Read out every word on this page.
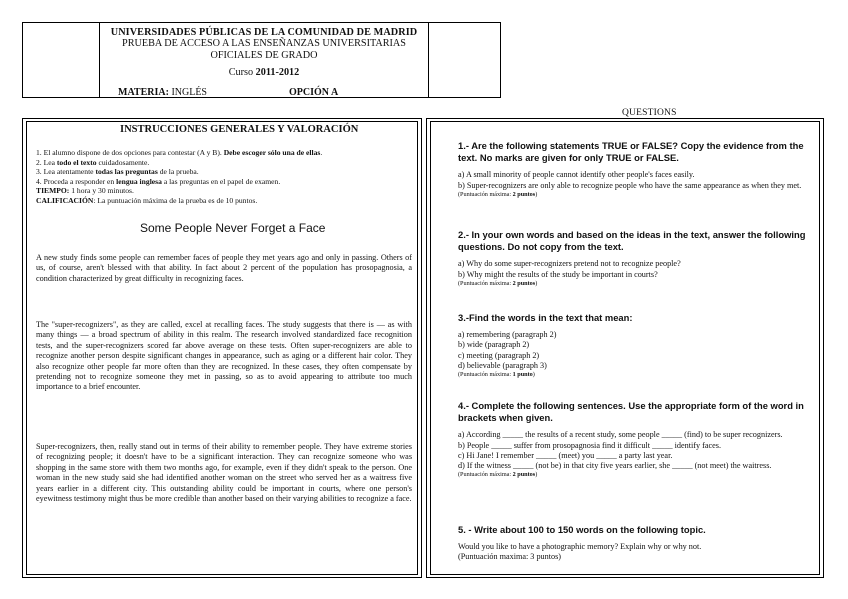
UNIVERSIDADES PÚBLICAS DE LA COMUNIDAD DE MADRID
PRUEBA DE ACCESO A LAS ENSEÑANZAS UNIVERSITARIAS
OFICIALES DE GRADO
Curso 2011-2012
MATERIA: INGLÉS	OPCIÓN A
QUESTIONS
INSTRUCCIONES GENERALES Y VALORACIÓN
1. El alumno dispone de dos opciones para contestar (A y B). Debe escoger sólo una de ellas.
2. Lea todo el texto cuidadosamente.
3. Lea atentamente todas las preguntas de la prueba.
4. Proceda a responder en lengua inglesa a las preguntas en el papel de examen.
TIEMPO: 1 hora y 30 minutos.
CALIFICACIÓN: La puntuación máxima de la prueba es de 10 puntos.
Some People Never Forget a Face
A new study finds some people can remember faces of people they met years ago and only in passing. Others of us, of course, aren't blessed with that ability. In fact about 2 percent of the population has prosopagnosia, a condition characterized by great difficulty in recognizing faces.
The "super-recognizers", as they are called, excel at recalling faces. The study suggests that there is — as with many things — a broad spectrum of ability in this realm. The research involved standardized face recognition tests, and the super-recognizers scored far above average on these tests. Often super-recognizers are able to recognize another person despite significant changes in appearance, such as aging or a different hair color. They also recognize other people far more often than they are recognized. In these cases, they often compensate by pretending not to recognize someone they met in passing, so as to avoid appearing to attribute too much importance to a brief encounter.
Super-recognizers, then, really stand out in terms of their ability to remember people. They have extreme stories of recognizing people; it doesn't have to be a significant interaction. They can recognize someone who was shopping in the same store with them two months ago, for example, even if they didn't speak to the person. One woman in the new study said she had identified another woman on the street who served her as a waitress five years earlier in a different city. This outstanding ability could be important in courts, where one person's eyewitness testimony might thus be more credible than another based on their varying abilities to recognize a face.
1.- Are the following statements TRUE or FALSE? Copy the evidence from the text. No marks are given for only TRUE or FALSE.
a) A small minority of people cannot identify other people's faces easily.
b) Super-recognizers are only able to recognize people who have the same appearance as when they met.
(Puntuación máxima: 2 puntos)
2.- In your own words and based on the ideas in the text, answer the following questions. Do not copy from the text.
a) Why do some super-recognizers pretend not to recognize people?
b) Why might the results of the study be important in courts?
(Puntuación máxima: 2 puntos)
3.-Find the words in the text that mean:
a) remembering (paragraph 2)
b) wide (paragraph 2)
c) meeting (paragraph 2)
d) believable (paragraph 3)
(Puntuación máxima: 1 punto)
4.- Complete the following sentences. Use the appropriate form of the word in brackets when given.
a) According _____ the results of a recent study, some people _____ (find) to be super recognizers.
b) People _____ suffer from prosopagnosia find it difficult _____ identify faces.
c) Hi Jane! I remember _____ (meet) you _____ a party last year.
d) If the witness _____ (not be) in that city five years earlier, she _____ (not meet) the waitress.
(Puntuación máxima: 2 puntos)
5. - Write about 100 to 150 words on the following topic.
Would you like to have a photographic memory? Explain why or why not.
(Puntuación maxima: 3 puntos)
